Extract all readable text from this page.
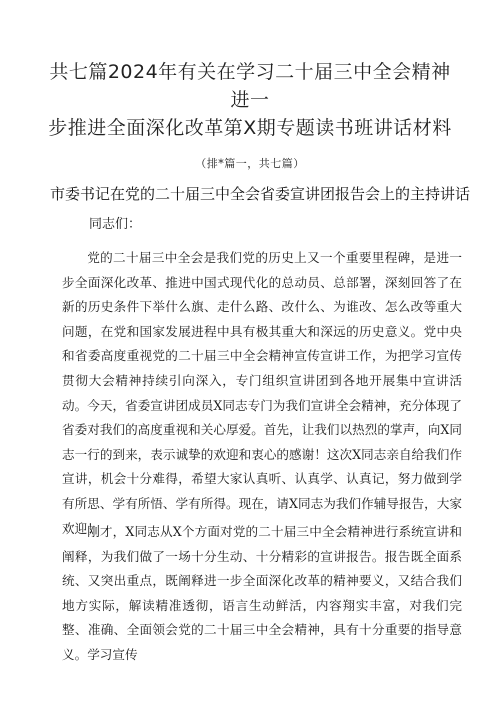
共七篇2024年有关在学习二十届三中全会精神进一
步推进全面深化改革第X期专题读书班讲话材料
（排*篇一，共七篇）
市委书记在党的二十届三中全会省委宣讲团报告会上的主持讲话
同志们：

党的二十届三中全会是我们党的历史上又一个重要里程碑，是进一步全面深化改革、推进中国式现代化的总动员、总部署，深刻回答了在新的历史条件下举什么旗、走什么路、改什么、为谁改、怎么改等重大问题，在党和国家发展进程中具有极其重大和深远的历史意义。党中央和省委高度重视党的二十届三中全会精神宣传宣讲工作，为把学习宣传贯彻大会精神持续引向深入，专门组织宣讲团到各地开展集中宣讲活动。今天，省委宣讲团成员X同志专门为我们宣讲全会精神，充分体现了省委对我们的高度重视和关心厚爱。首先，让我们以热烈的掌声，向X同志一行的到来，表示诚挚的欢迎和衷心的感谢！这次X同志亲自给我们作宣讲，机会十分难得，希望大家认真听、认真学、认真记，努力做到学有所思、学有所悟、学有所得。现在，请X同志为我们作辅导报告，大家欢迎！

刚才，X同志从X个方面对党的二十届三中全会精神进行系统宣讲和阐释，为我们做了一场十分生动、十分精彩的宣讲报告。报告既全面系统、又突出重点，既阐释进一步全面深化改革的精神要义，又结合我们地方实际，解读精准透彻，语言生动鲜活，内容翔实丰富，对我们完整、准确、全面领会党的二十届三中全会精神，具有十分重要的指导意义。学习宣传
